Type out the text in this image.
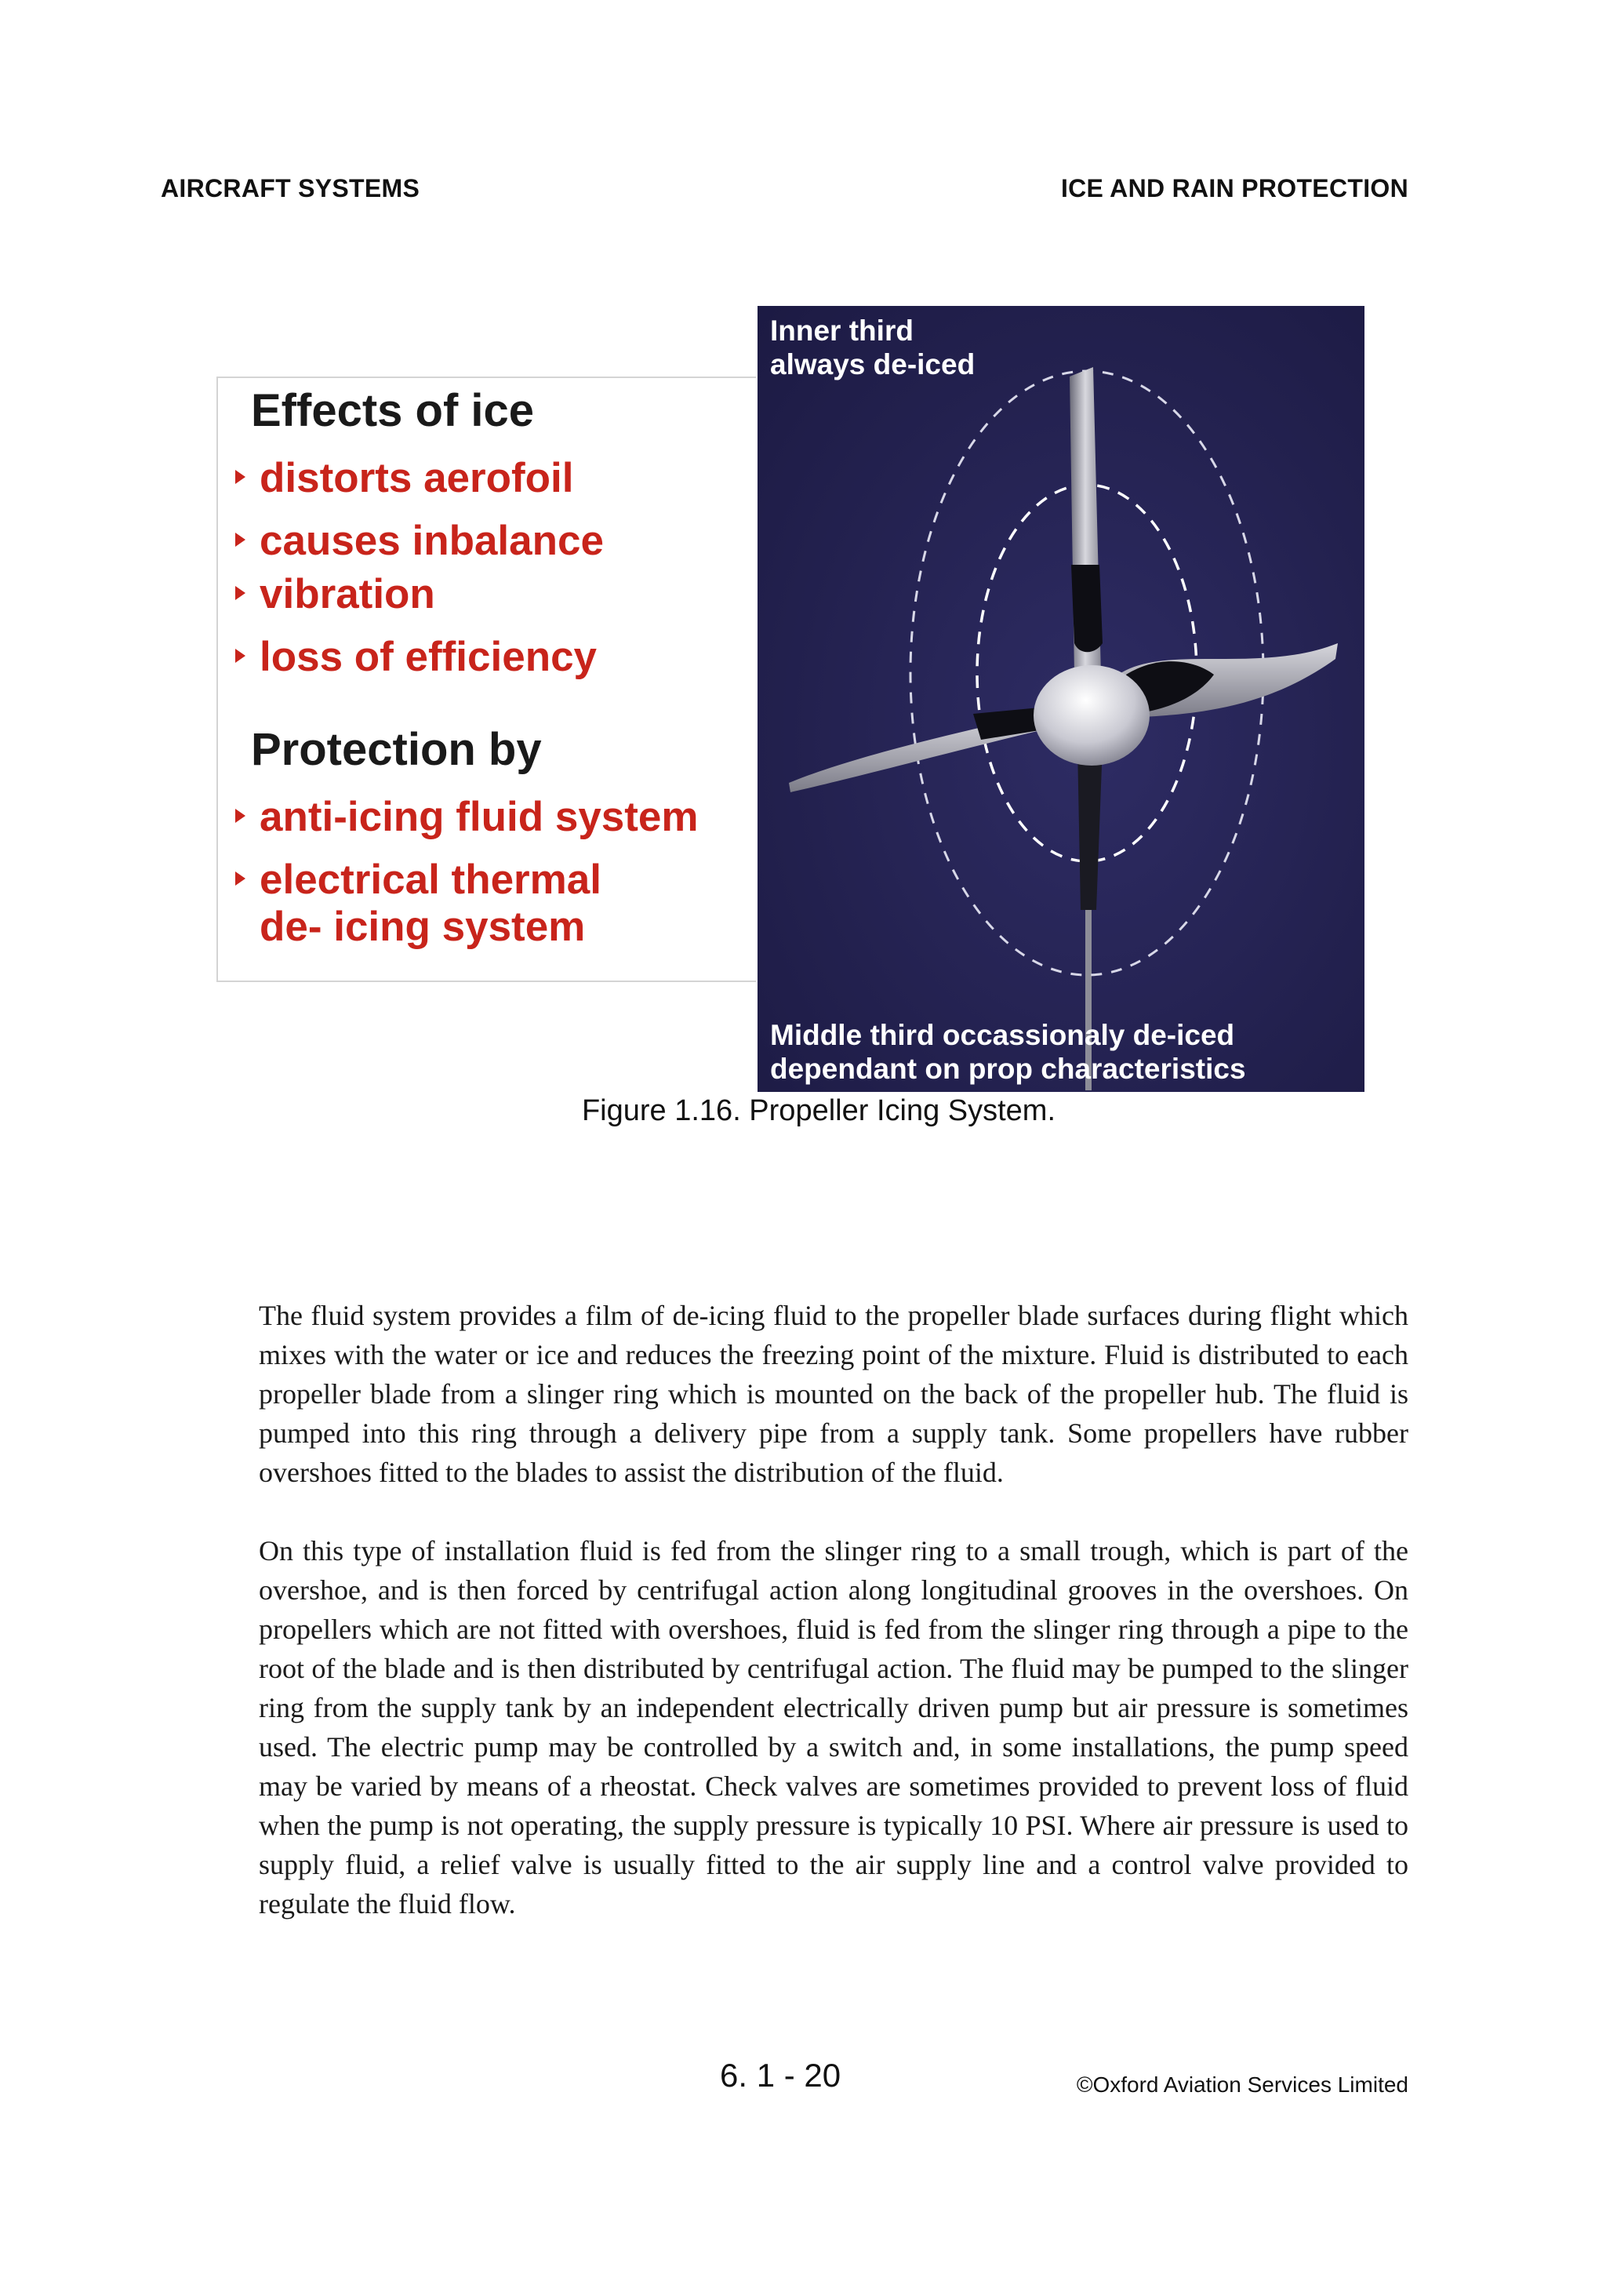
AIRCRAFT SYSTEMS	ICE AND RAIN PROTECTION
Effects of ice
distorts aerofoil
causes inbalance
vibration
loss of efficiency
Protection by
anti-icing fluid system
electrical thermal
de- icing system
Inner third
always de-iced
Middle third occassionaly de-iced
dependant on prop characteristics
Figure 1.16. Propeller Icing System.

The fluid system provides a film of de-icing fluid to the propeller blade surfaces during flight which mixes with the water or ice and reduces the freezing point of the mixture. Fluid is distributed to each propeller blade from a slinger ring which is mounted on the back of the propeller hub. The fluid is pumped into this ring through a delivery pipe from a supply tank. Some propellers have rubber overshoes fitted to the blades to assist the distribution of the fluid.

On this type of installation fluid is fed from the slinger ring to a small trough, which is part of the overshoe, and is then forced by centrifugal action along longitudinal grooves in the overshoes. On propellers which are not fitted with overshoes, fluid is fed from the slinger ring through a pipe to the root of the blade and is then distributed by centrifugal action. The fluid may be pumped to the slinger ring from the supply tank by an independent electrically driven pump but air pressure is sometimes used. The electric pump may be controlled by a switch and, in some installations, the pump speed may be varied by means of a rheostat. Check valves are sometimes provided to prevent loss of fluid when the pump is not operating, the supply pressure is typically 10 PSI. Where air pressure is used to supply fluid, a relief valve is usually fitted to the air supply line and a control valve provided to regulate the fluid flow.

6. 1 - 20	©Oxford Aviation Services Limited
